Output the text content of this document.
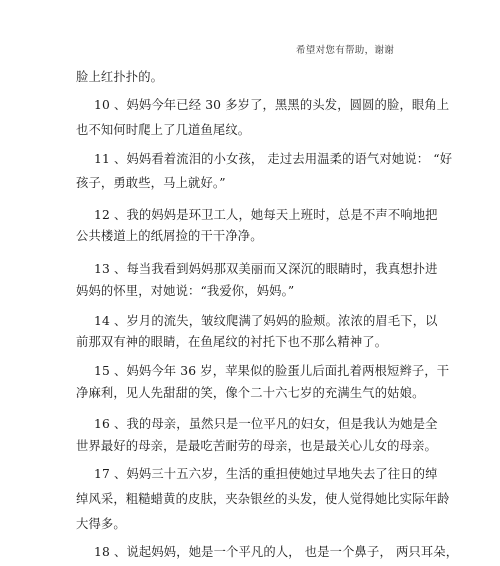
希望对您有帮助，谢谢
脸上红扑扑的。
10 、妈妈今年已经 30 多岁了，黑黑的头发，圆圆的脸，眼角上
也不知何时爬上了几道鱼尾纹。
11 、妈妈看着流泪的小女孩， 走过去用温柔的语气对她说： “好
孩子，勇敢些，马上就好。”
12 、我的妈妈是环卫工人，她每天上班时，总是不声不响地把
公共楼道上的纸屑捡的干干净净。
13 、每当我看到妈妈那双美丽而又深沉的眼睛时，我真想扑进
妈妈的怀里，对她说：“我爱你，妈妈。”
14 、岁月的流失，皱纹爬满了妈妈的脸颊。浓浓的眉毛下，以
前那双有神的眼睛，在鱼尾纹的衬托下也不那么精神了。
15 、妈妈今年 36 岁，苹果似的脸蛋儿后面扎着两根短辫子，干
净麻利，见人先甜甜的笑，像个二十六七岁的充满生气的姑娘。
16 、我的母亲，虽然只是一位平凡的妇女，但是我认为她是全
世界最好的母亲，是最吃苦耐劳的母亲，也是最关心儿女的母亲。
17 、妈妈三十五六岁，生活的重担使她过早地失去了往日的绰
绰风采，粗糙蜡黄的皮肤，夹杂银丝的头发，使人觉得她比实际年龄
大得多。
18 、说起妈妈，她是一个平凡的人， 也是一个鼻子， 两只耳朵，
